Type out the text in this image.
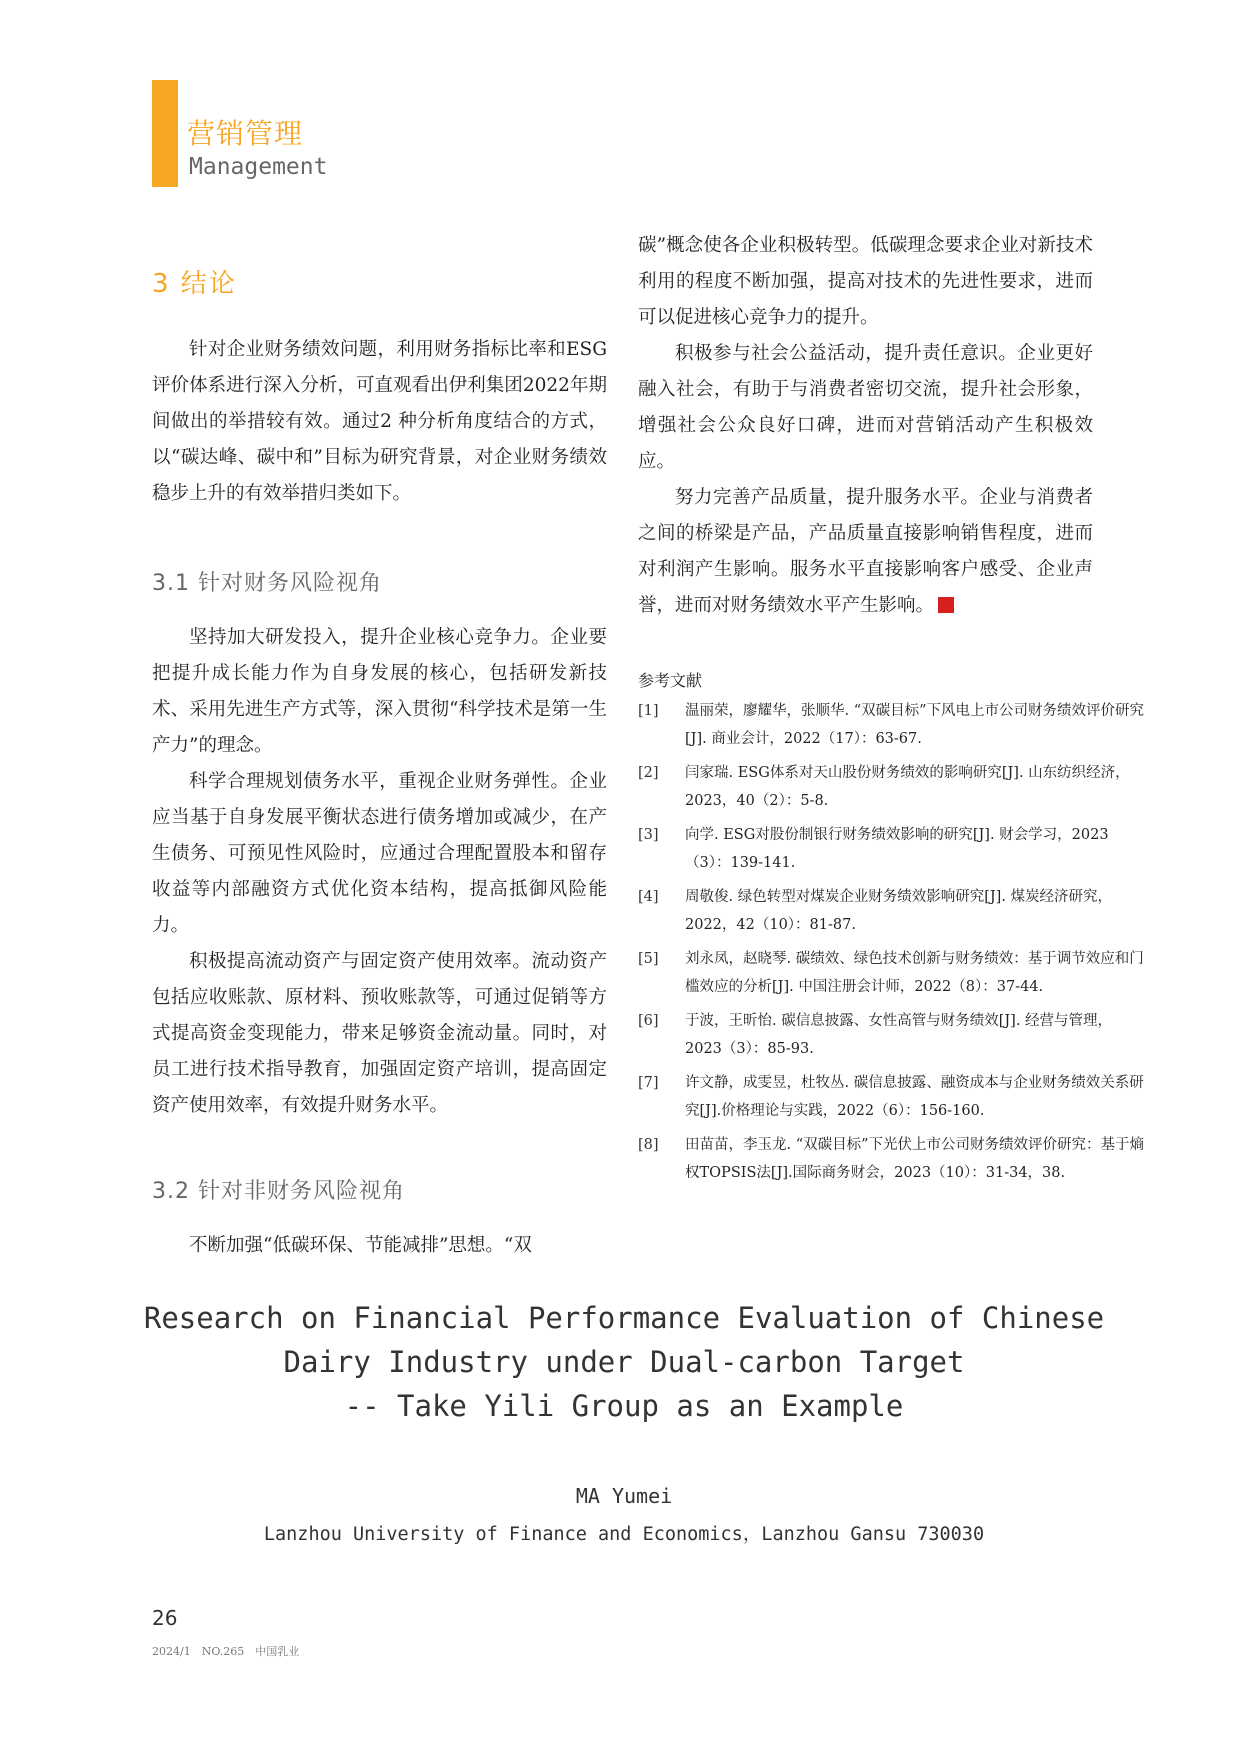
营销管理
Management
3 结论
针对企业财务绩效问题，利用财务指标比率和ESG评价体系进行深入分析，可直观看出伊利集团2022年期间做出的举措较有效。通过2 种分析角度结合的方式，以“碳达峰、碳中和”目标为研究背景，对企业财务绩效稳步上升的有效举措归类如下。
3.1 针对财务风险视角
坚持加大研发投入，提升企业核心竞争力。企业要把提升成长能力作为自身发展的核心，包括研发新技术、采用先进生产方式等，深入贯彻“科学技术是第一生产力”的理念。
科学合理规划债务水平，重视企业财务弹性。企业应当基于自身发展平衡状态进行债务增加或减少，在产生债务、可预见性风险时，应通过合理配置股本和留存收益等内部融资方式优化资本结构，提高抵御风险能力。
积极提高流动资产与固定资产使用效率。流动资产包括应收账款、原材料、预收账款等，可通过促销等方式提高资金变现能力，带来足够资金流动量。同时，对员工进行技术指导教育，加强固定资产培训，提高固定资产使用效率，有效提升财务水平。
3.2 针对非财务风险视角
不断加强“低碳环保、节能减排”思想。“双
碳”概念使各企业积极转型。低碳理念要求企业对新技术利用的程度不断加强，提高对技术的先进性要求，进而可以促进核心竞争力的提升。
积极参与社会公益活动，提升责任意识。企业更好融入社会，有助于与消费者密切交流，提升社会形象，增强社会公众良好口碑，进而对营销活动产生积极效应。
努力完善产品质量，提升服务水平。企业与消费者之间的桥梁是产品，产品质量直接影响销售程度，进而对利润产生影响。服务水平直接影响客户感受、企业声誉，进而对财务绩效水平产生影响。
参考文献
[1] 温丽荣，廖耀华，张顺华. “双碳目标”下风电上市公司财务绩效评价研究[J]. 商业会计，2022（17）：63-67.
[2] 闫家瑞. ESG体系对天山股份财务绩效的影响研究[J]. 山东纺织经济，2023，40（2）：5-8.
[3] 向学. ESG对股份制银行财务绩效影响的研究[J]. 财会学习，2023（3）：139-141.
[4] 周敬俊. 绿色转型对煤炭企业财务绩效影响研究[J]. 煤炭经济研究，2022，42（10）：81-87.
[5] 刘永凤，赵晓琴. 碳绩效、绿色技术创新与财务绩效：基于调节效应和门槛效应的分析[J]. 中国注册会计师，2022（8）：37-44.
[6] 于波，王昕怡. 碳信息披露、女性高管与财务绩效[J]. 经营与管理，2023（3）：85-93.
[7] 许文静，成雯昱，杜牧丛. 碳信息披露、融资成本与企业财务绩效关系研究[J].价格理论与实践，2022（6）：156-160.
[8] 田苗苗，李玉龙. “双碳目标”下光伏上市公司财务绩效评价研究：基于熵权TOPSIS法[J].国际商务财会，2023（10）：31-34，38.
Research on Financial Performance Evaluation of Chinese
Dairy Industry under Dual-carbon Target
-- Take Yili Group as an Example
MA Yumei
Lanzhou University of Finance and Economics，Lanzhou Gansu 730030
26
2024/1　NO.265　中国乳业
